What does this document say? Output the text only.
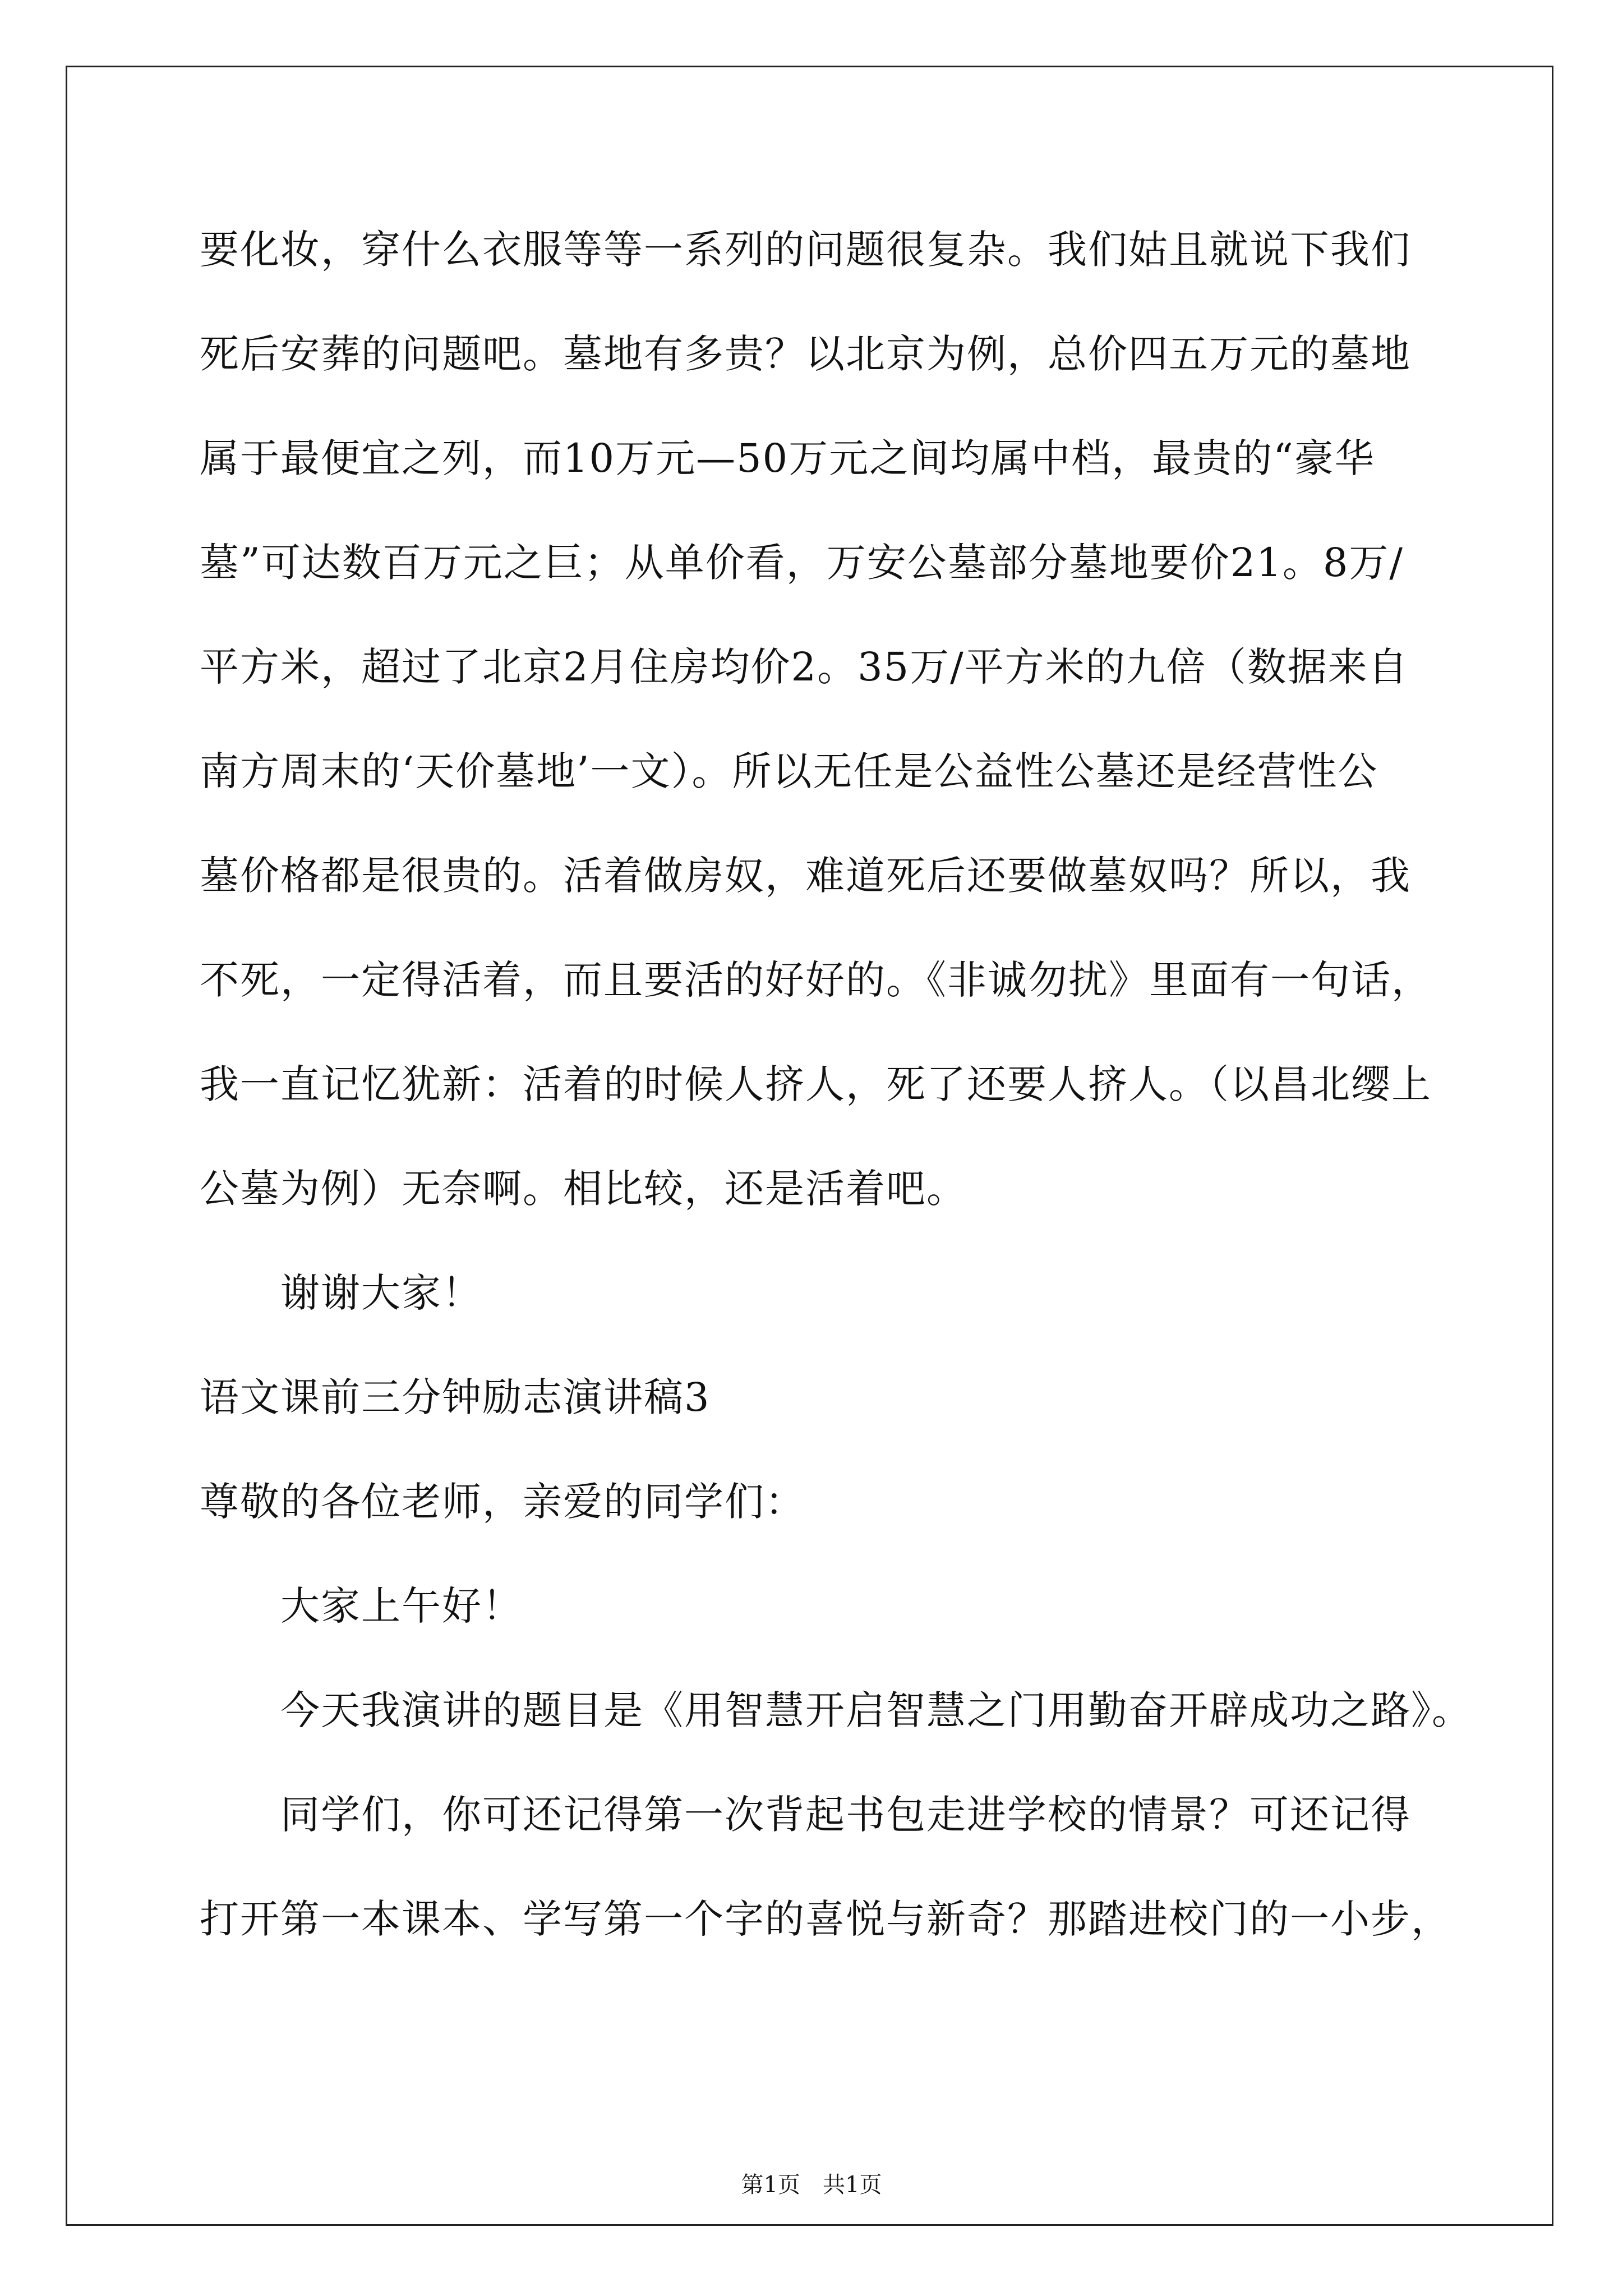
要化妆，穿什么衣服等等一系列的问题很复杂。我们姑且就说下我们
死后安葬的问题吧。墓地有多贵？以北京为例，总价四五万元的墓地
属于最便宜之列，而10万元—50万元之间均属中档，最贵的“豪华
墓”可达数百万元之巨；从单价看，万安公墓部分墓地要价21。8万/
平方米，超过了北京2月住房均价2。35万/平方米的九倍（数据来自
南方周末的‘天价墓地’一文）。所以无任是公益性公墓还是经营性公
墓价格都是很贵的。活着做房奴，难道死后还要做墓奴吗？所以，我
不死，一定得活着，而且要活的好好的。《非诚勿扰》里面有一句话，
我一直记忆犹新：活着的时候人挤人，死了还要人挤人。（以昌北缨上
公墓为例）无奈啊。相比较，还是活着吧。
谢谢大家！
语文课前三分钟励志演讲稿3
尊敬的各位老师，亲爱的同学们：
大家上午好！
今天我演讲的题目是《用智慧开启智慧之门用勤奋开辟成功之路》。
同学们，你可还记得第一次背起书包走进学校的情景？可还记得
打开第一本课本、学写第一个字的喜悦与新奇？那踏进校门的一小步，
第1页　共1页
